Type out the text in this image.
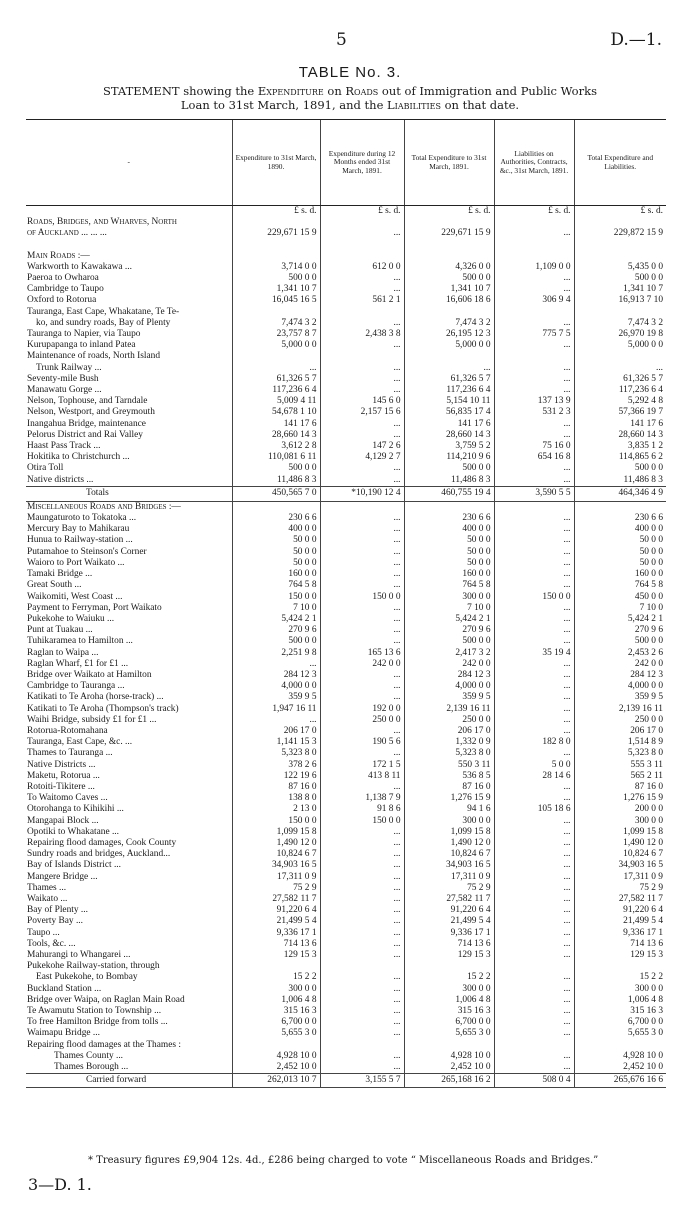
5	D.—1.
TABLE No. 3.
STATEMENT showing the Expenditure on Roads out of Immigration and Public Works
Loan to 31st March, 1891, and the Liabilities on that date.
-	Expenditure to 31st March, 1890.	Expenditure during 12 Months ended 31st March, 1891.	Total Expenditure to 31st March, 1891.	Liabilities on Authorities, Contracts, &c., 31st March, 1891.	Total Expenditure and Liabilities.
	£ s. d.	£ s. d.	£ s. d.	£ s. d.	£ s. d.
Roads, Bridges, and Wharves, North					
of Auckland ... ... ...	229,671 15 9	...	229,671 15 9	...	229,872 15 9

Main Roads :—					
Warkworth to Kawakawa ...	3,714 0 0	612 0 0	4,326 0 0	1,109 0 0	5,435 0 0
Paeroa to Owharoa	500 0 0	...	500 0 0	...	500 0 0
Cambridge to Taupo	1,341 10 7	...	1,341 10 7	...	1,341 10 7
Oxford to Rotorua	16,045 16 5	561 2 1	16,606 18 6	306 9 4	16,913 7 10
Tauranga, East Cape, Whakatane, Te Te-					
ko, and sundry roads, Bay of Plenty	7,474 3 2	...	7,474 3 2	...	7,474 3 2
Tauranga to Napier, via Taupo	23,757 8 7	2,438 3 8	26,195 12 3	775 7 5	26,970 19 8
Kurupapanga to inland Patea	5,000 0 0	...	5,000 0 0	...	5,000 0 0
Maintenance of roads, North Island					
Trunk Railway ...	...	...	...	...	...
Seventy-mile Bush	61,326 5 7	...	61,326 5 7	...	61,326 5 7
Manawatu Gorge ...	117,236 6 4	...	117,236 6 4	...	117,236 6 4
Nelson, Tophouse, and Tarndale	5,009 4 11	145 6 0	5,154 10 11	137 13 9	5,292 4 8
Nelson, Westport, and Greymouth	54,678 1 10	2,157 15 6	56,835 17 4	531 2 3	57,366 19 7
Inangahua Bridge, maintenance	141 17 6	...	141 17 6	...	141 17 6
Pelorus District and Rai Valley	28,660 14 3	...	28,660 14 3	...	28,660 14 3
Haast Pass Track ...	3,612 2 8	147 2 6	3,759 5 2	75 16 0	3,835 1 2
Hokitika to Christchurch ...	110,081 6 11	4,129 2 7	114,210 9 6	654 16 8	114,865 6 2
Otira Toll	500 0 0	...	500 0 0	...	500 0 0
Native districts ...	11,486 8 3	...	11,486 8 3	...	11,486 8 3
Totals	450,565 7 0	*10,190 12 4	460,755 19 4	3,590 5 5	464,346 4 9
Miscellaneous Roads and Bridges :—					
Maungaturoto to Tokatoka ...	230 6 6	...	230 6 6	...	230 6 6
Mercury Bay to Mahikarau	400 0 0	...	400 0 0	...	400 0 0
Hunua to Railway-station ...	50 0 0	...	50 0 0	...	50 0 0
Putamahoe to Steinson's Corner	50 0 0	...	50 0 0	...	50 0 0
Waioro to Port Waikato ...	50 0 0	...	50 0 0	...	50 0 0
Tamaki Bridge ...	160 0 0	...	160 0 0	...	160 0 0
Great South ...	764 5 8	...	764 5 8	...	764 5 8
Waikomiti, West Coast ...	150 0 0	150 0 0	300 0 0	150 0 0	450 0 0
Payment to Ferryman, Port Waikato	7 10 0	...	7 10 0	...	7 10 0
Pukekohe to Waiuku ...	5,424 2 1	...	5,424 2 1	...	5,424 2 1
Punt at Tuakau ...	270 9 6	...	270 9 6	...	270 9 6
Tuhikaramea to Hamilton ...	500 0 0	...	500 0 0	...	500 0 0
Raglan to Waipa ...	2,251 9 8	165 13 6	2,417 3 2	35 19 4	2,453 2 6
Raglan Wharf, £1 for £1 ...	...	242 0 0	242 0 0	...	242 0 0
Bridge over Waikato at Hamilton	284 12 3	...	284 12 3	...	284 12 3
Cambridge to Tauranga ...	4,000 0 0	...	4,000 0 0	...	4,000 0 0
Katikati to Te Aroha (horse-track) ...	359 9 5	...	359 9 5	...	359 9 5
Katikati to Te Aroha (Thompson's track)	1,947 16 11	192 0 0	2,139 16 11	...	2,139 16 11
Waihi Bridge, subsidy £1 for £1 ...	...	250 0 0	250 0 0	...	250 0 0
Rotorua-Rotomahana	206 17 0	...	206 17 0	...	206 17 0
Tauranga, East Cape, &c. ...	1,141 15 3	190 5 6	1,332 0 9	182 8 0	1,514 8 9
Thames to Tauranga ...	5,323 8 0	...	5,323 8 0	...	5,323 8 0
Native Districts ...	378 2 6	172 1 5	550 3 11	5 0 0	555 3 11
Maketu, Rotorua ...	122 19 6	413 8 11	536 8 5	28 14 6	565 2 11
Rotoiti-Tikitere ...	87 16 0	...	87 16 0	...	87 16 0
To Waitomo Caves ...	138 8 0	1,138 7 9	1,276 15 9	...	1,276 15 9
Otorohanga to Kihikihi ...	2 13 0	91 8 6	94 1 6	105 18 6	200 0 0
Mangapai Block ...	150 0 0	150 0 0	300 0 0	...	300 0 0
Opotiki to Whakatane ...	1,099 15 8	...	1,099 15 8	...	1,099 15 8
Repairing flood damages, Cook County	1,490 12 0	...	1,490 12 0	...	1,490 12 0
Sundry roads and bridges, Auckland...	10,824 6 7	...	10,824 6 7	...	10,824 6 7
Bay of Islands District ...	34,903 16 5	...	34,903 16 5	...	34,903 16 5
Mangere Bridge ...	17,311 0 9	...	17,311 0 9	...	17,311 0 9
Thames ...	75 2 9	...	75 2 9	...	75 2 9
Waikato ...	27,582 11 7	...	27,582 11 7	...	27,582 11 7
Bay of Plenty ...	91,220 6 4	...	91,220 6 4	...	91,220 6 4
Poverty Bay ...	21,499 5 4	...	21,499 5 4	...	21,499 5 4
Taupo ...	9,336 17 1	...	9,336 17 1	...	9,336 17 1
Tools, &c. ...	714 13 6	...	714 13 6	...	714 13 6
Mahurangi to Whangarei ...	129 15 3	...	129 15 3	...	129 15 3
Pukekohe Railway-station, through					
East Pukekohe, to Bombay	15 2 2	...	15 2 2	...	15 2 2
Buckland Station ...	300 0 0	...	300 0 0	...	300 0 0
Bridge over Waipa, on Raglan Main Road	1,006 4 8	...	1,006 4 8	...	1,006 4 8
Te Awamutu Station to Township ...	315 16 3	...	315 16 3	...	315 16 3
To free Hamilton Bridge from tolls ...	6,700 0 0	...	6,700 0 0	...	6,700 0 0
Waimapu Bridge ...	5,655 3 0	...	5,655 3 0	...	5,655 3 0
Repairing flood damages at the Thames :					
Thames County ...	4,928 10 0	...	4,928 10 0	...	4,928 10 0
Thames Borough ...	2,452 10 0	...	2,452 10 0	...	2,452 10 0
Carried forward	262,013 10 7	3,155 5 7	265,168 16 2	508 0 4	265,676 16 6
* Treasury figures £9,904 12s. 4d., £286 being charged to vote “ Miscellaneous Roads and Bridges.”
3—D. 1.
